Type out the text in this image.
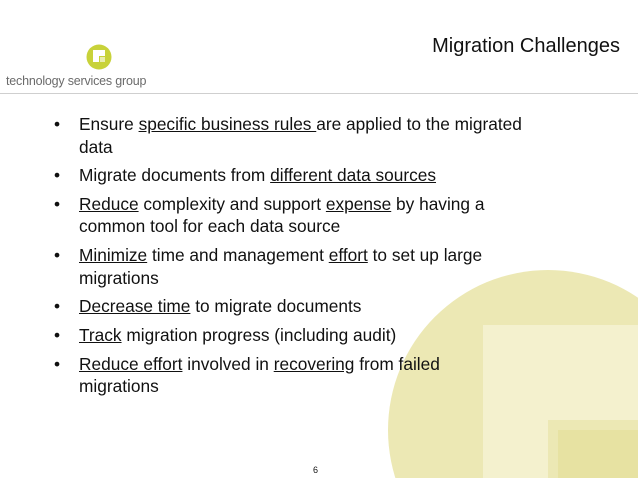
technology services group
Migration Challenges
• Ensure specific business rules are applied to the migrated
data
• Migrate documents from different data sources
• Reduce complexity and support expense by having a
common tool for each data source
• Minimize time and management effort to set up large
migrations
• Decrease time to migrate documents
• Track migration progress (including audit)
• Reduce effort involved in recovering from failed
migrations
6
